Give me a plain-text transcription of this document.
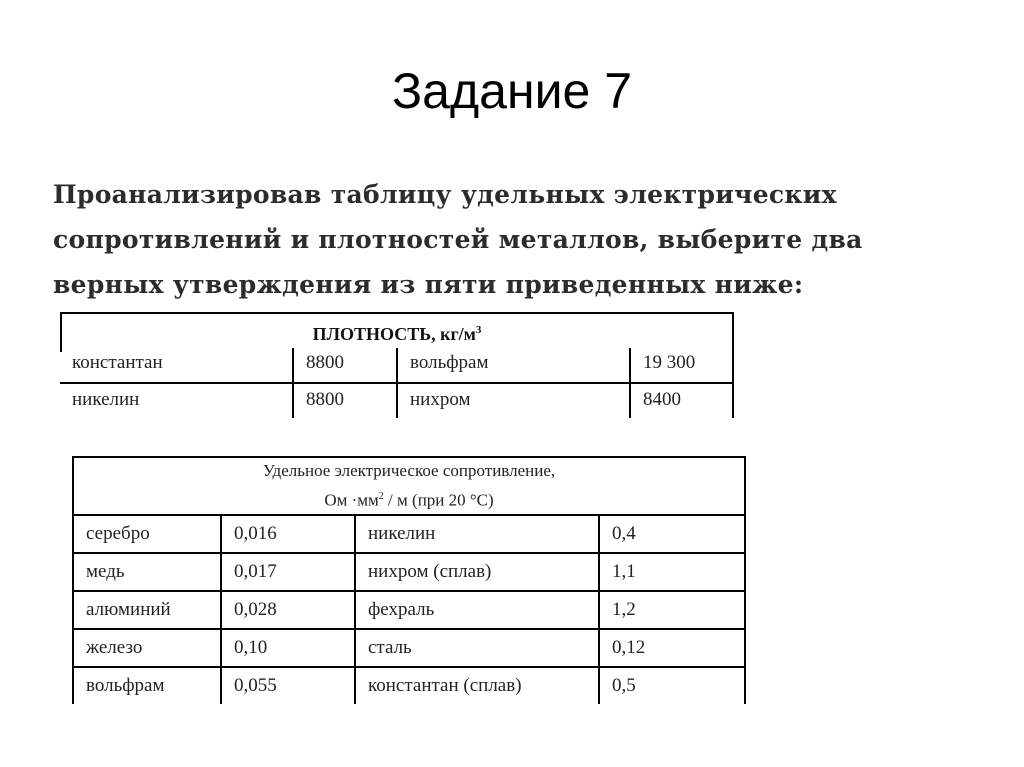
Задание 7
Проанализировав таблицу удельных электрических
сопротивлений и плотностей металлов, выберите два
верных утверждения из пяти приведенных ниже:
ПЛОТНОСТЬ, $кг/м^3$
константан	8800	вольфрам	19 300
никелин	8800	нихром	8400
Удельное электрическое сопротивление,
Ом $\cdot мм^2 / м$ (при 20 °С)			
серебро	0,016	никелин	0,4
медь	0,017	нихром (сплав)	1,1
алюминий	0,028	фехраль	1,2
железо	0,10	сталь	0,12
вольфрам	0,055	константан (сплав)	0,5
